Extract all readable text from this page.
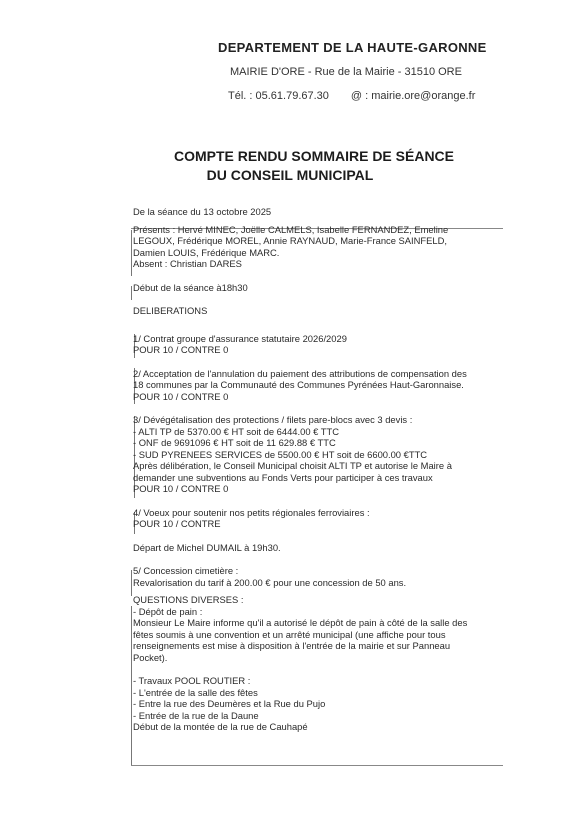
DEPARTEMENT DE LA HAUTE-GARONNE
MAIRIE D'ORE - Rue de la Mairie - 31510 ORE
Tél. : 05.61.79.67.30 @ : mairie.ore@orange.fr
COMPTE RENDU SOMMAIRE DE SÉANCE
DU CONSEIL MUNICIPAL
De la séance du 13 octobre 2025
Présents : Hervé MINEC, Joëlle CALMELS, Isabelle FERNANDEZ, Emeline
LEGOUX, Frédérique MOREL, Annie RAYNAUD, Marie-France SAINFELD,
Damien LOUIS, Frédérique MARC.
Absent : Christian DARES
Début de la séance à18h30
DELIBERATIONS
1/ Contrat groupe d'assurance statutaire 2026/2029
POUR 10 / CONTRE 0
2/ Acceptation de l'annulation du paiement des attributions de compensation des
18 communes par la Communauté des Communes Pyrénées Haut-Garonnaise.
POUR 10 / CONTRE 0
3/ Dévégétalisation des protections / filets pare-blocs avec 3 devis :
- ALTI TP de 5370.00 € HT soit de 6444.00 € TTC
- ONF de 9691096 € HT soit de 11 629.88 € TTC
- SUD PYRENEES SERVICES de 5500.00 € HT soit de 6600.00 €TTC
Après délibération, le Conseil Municipal choisit ALTI TP et autorise le Maire à
demander une subventions au Fonds Verts pour participer à ces travaux
POUR 10 / CONTRE 0
4/ Voeux pour soutenir nos petits régionales ferroviaires :
POUR 10 / CONTRE
Départ de Michel DUMAIL à 19h30.
5/ Concession cimetière :
Revalorisation du tarif à 200.00 € pour une concession de 50 ans.
QUESTIONS DIVERSES :
- Dépôt de pain :
Monsieur Le Maire informe qu'il a autorisé le dépôt de pain à côté de la salle des
fêtes soumis à une convention et un arrêté municipal (une affiche pour tous
renseignements est mise à disposition à l'entrée de la mairie et sur Panneau
Pocket).
- Travaux POOL ROUTIER :
- L'entrée de la salle des fêtes
- Entre la rue des Deumères et la Rue du Pujo
- Entrée de la rue de la Daune
Début de la montée de la rue de Cauhapé
